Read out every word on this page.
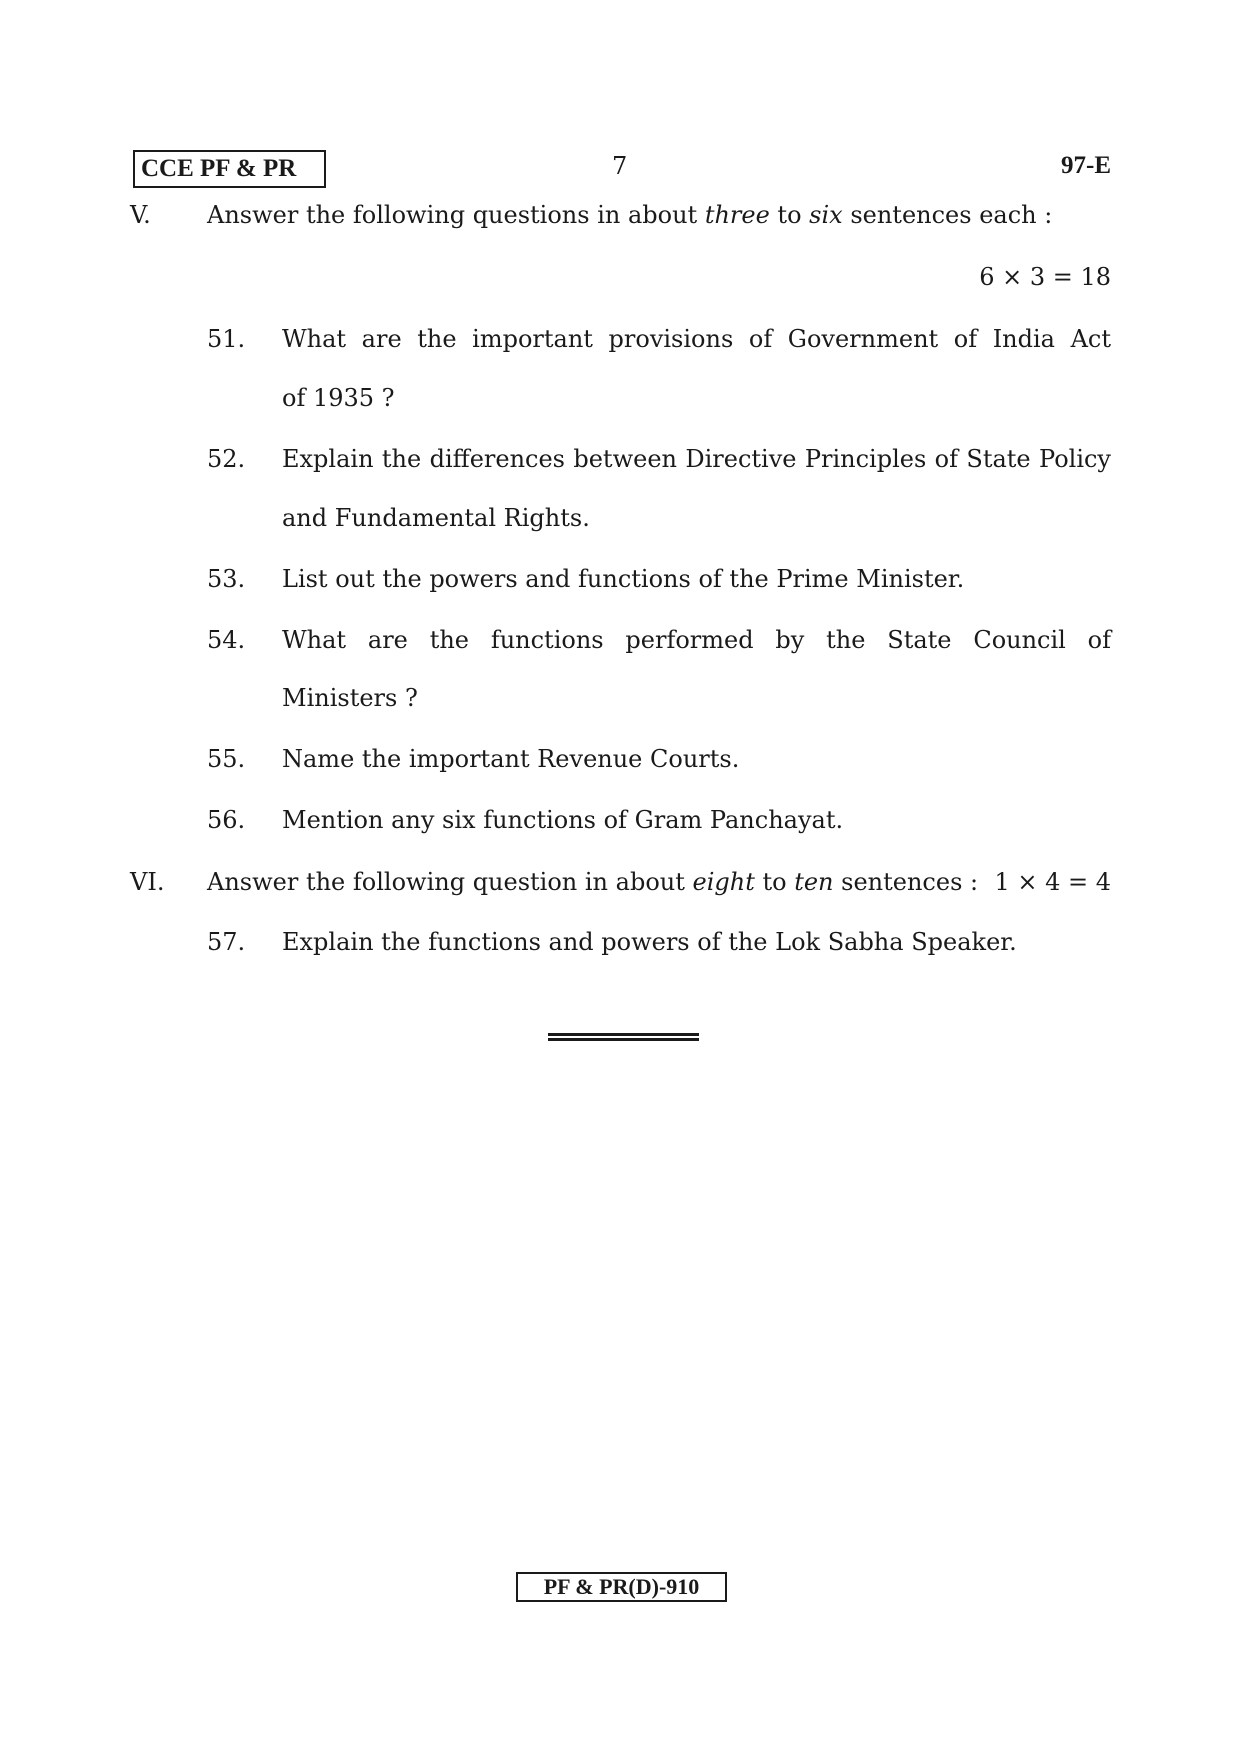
CCE PF & PR	7	97-E
V. Answer the following questions in about three to six sentences each :
6 × 3 = 18
51. What are the important provisions of Government of India Act
of 1935 ?
52. Explain the differences between Directive Principles of State Policy
and Fundamental Rights.
53. List out the powers and functions of the Prime Minister.
54. What are the functions performed by the State Council of
Ministers ?
55. Name the important Revenue Courts.
56. Mention any six functions of Gram Panchayat.
VI. Answer the following question in about eight to ten sentences : 1 × 4 = 4
57. Explain the functions and powers of the Lok Sabha Speaker.
PF & PR(D)-910
